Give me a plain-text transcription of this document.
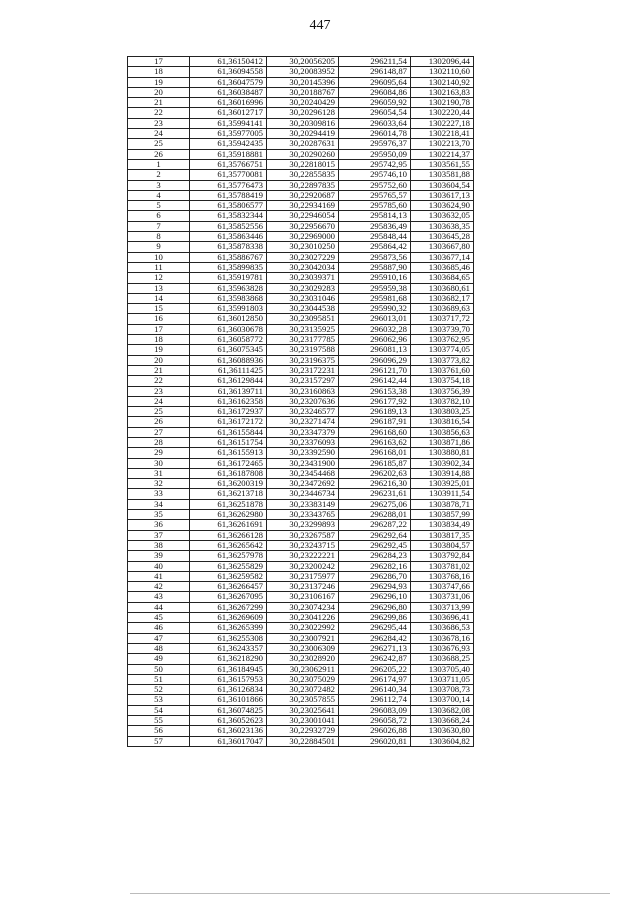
447
17	61,36150412	30,20056205	296211,54	1302096,44
18	61,36094558	30,20083952	296148,87	1302110,60
19	61,36047579	30,20145396	296095,64	1302140,92
20	61,36038487	30,20188767	296084,86	1302163,83
21	61,36016996	30,20240429	296059,92	1302190,78
22	61,36012717	30,20296128	296054,54	1302220,44
23	61,35994141	30,20309816	296033,64	1302227,18
24	61,35977005	30,20294419	296014,78	1302218,41
25	61,35942435	30,20287631	295976,37	1302213,70
26	61,35918881	30,20290260	295950,09	1302214,37
1	61,35766751	30,22818015	295742,95	1303561,55
2	61,35770081	30,22855835	295746,10	1303581,88
3	61,35776473	30,22897835	295752,60	1303604,54
4	61,35788419	30,22920687	295765,57	1303617,13
5	61,35806577	30,22934169	295785,60	1303624,90
6	61,35832344	30,22946054	295814,13	1303632,05
7	61,35852556	30,22956670	295836,49	1303638,35
8	61,35863446	30,22969000	295848,44	1303645,28
9	61,35878338	30,23010250	295864,42	1303667,80
10	61,35886767	30,23027229	295873,56	1303677,14
11	61,35899835	30,23042034	295887,90	1303685,46
12	61,35919781	30,23039371	295910,16	1303684,65
13	61,35963828	30,23029283	295959,38	1303680,61
14	61,35983868	30,23031046	295981,68	1303682,17
15	61,35991803	30,23044538	295990,32	1303689,63
16	61,36012850	30,23095851	296013,01	1303717,72
17	61,36030678	30,23135925	296032,28	1303739,70
18	61,36058772	30,23177785	296062,96	1303762,95
19	61,36075345	30,23197588	296081,13	1303774,05
20	61,36088936	30,23196375	296096,29	1303773,82
21	61,36111425	30,23172231	296121,70	1303761,60
22	61,36129844	30,23157297	296142,44	1303754,18
23	61,36139711	30,23160863	296153,38	1303756,39
24	61,36162358	30,23207636	296177,92	1303782,10
25	61,36172937	30,23246577	296189,13	1303803,25
26	61,36172172	30,23271474	296187,91	1303816,54
27	61,36155844	30,23347379	296168,60	1303856,63
28	61,36151754	30,23376093	296163,62	1303871,86
29	61,36155913	30,23392590	296168,01	1303880,81
30	61,36172465	30,23431900	296185,87	1303902,34
31	61,36187808	30,23454468	296202,63	1303914,88
32	61,36200319	30,23472692	296216,30	1303925,01
33	61,36213718	30,23446734	296231,61	1303911,54
34	61,36251878	30,23383149	296275,06	1303878,71
35	61,36262980	30,23343765	296288,01	1303857,99
36	61,36261691	30,23299893	296287,22	1303834,49
37	61,36266128	30,23267587	296292,64	1303817,35
38	61,36265642	30,23243715	296292,45	1303804,57
39	61,36257978	30,23222221	296284,23	1303792,84
40	61,36255829	30,23200242	296282,16	1303781,02
41	61,36259582	30,23175977	296286,70	1303768,16
42	61,36266457	30,23137246	296294,93	1303747,66
43	61,36267095	30,23106167	296296,10	1303731,06
44	61,36267299	30,23074234	296296,80	1303713,99
45	61,36269609	30,23041226	296299,86	1303696,41
46	61,36265399	30,23022992	296295,44	1303686,53
47	61,36255308	30,23007921	296284,42	1303678,16
48	61,36243357	30,23006309	296271,13	1303676,93
49	61,36218290	30,23028920	296242,87	1303688,25
50	61,36184945	30,23062911	296205,22	1303705,40
51	61,36157953	30,23075029	296174,97	1303711,05
52	61,36126834	30,23072482	296140,34	1303708,73
53	61,36101866	30,23057855	296112,74	1303700,14
54	61,36074825	30,23025641	296083,09	1303682,08
55	61,36052623	30,23001041	296058,72	1303668,24
56	61,36023136	30,22932729	296026,88	1303630,80
57	61,36017047	30,22884501	296020,81	1303604,82
